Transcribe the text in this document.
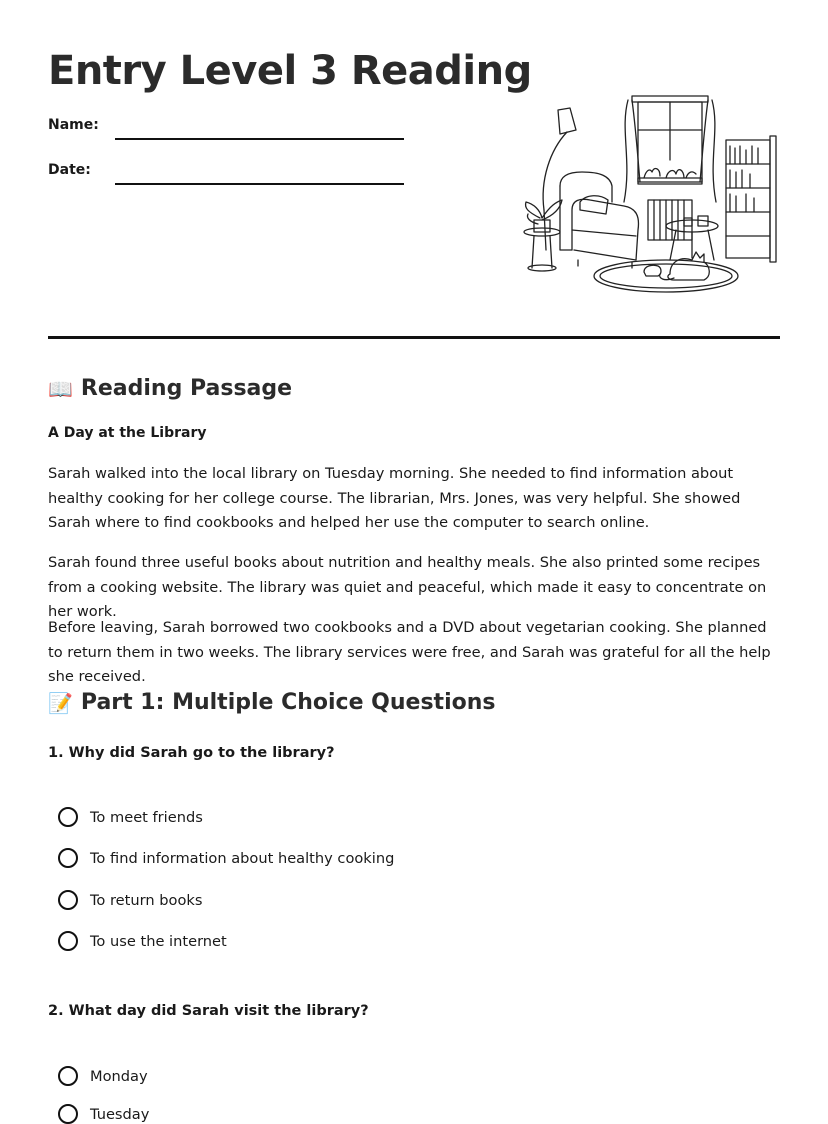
Entry Level 3 Reading
Name:
Date:
📖 Reading Passage
A Day at the Library

Sarah walked into the local library on Tuesday morning. She needed to find information about healthy cooking for her college course. The librarian, Mrs. Jones, was very helpful. She showed Sarah where to find cookbooks and helped her use the computer to search online.

Sarah found three useful books about nutrition and healthy meals. She also printed some recipes from a cooking website. The library was quiet and peaceful, which made it easy to concentrate on her work.

Before leaving, Sarah borrowed two cookbooks and a DVD about vegetarian cooking. She planned to return them in two weeks. The library services were free, and Sarah was grateful for all the help she received.

📝 Part 1: Multiple Choice Questions
1. Why did Sarah go to the library?
To meet friends
To find information about healthy cooking
To return books
To use the internet
2. What day did Sarah visit the library?
Monday
Tuesday
